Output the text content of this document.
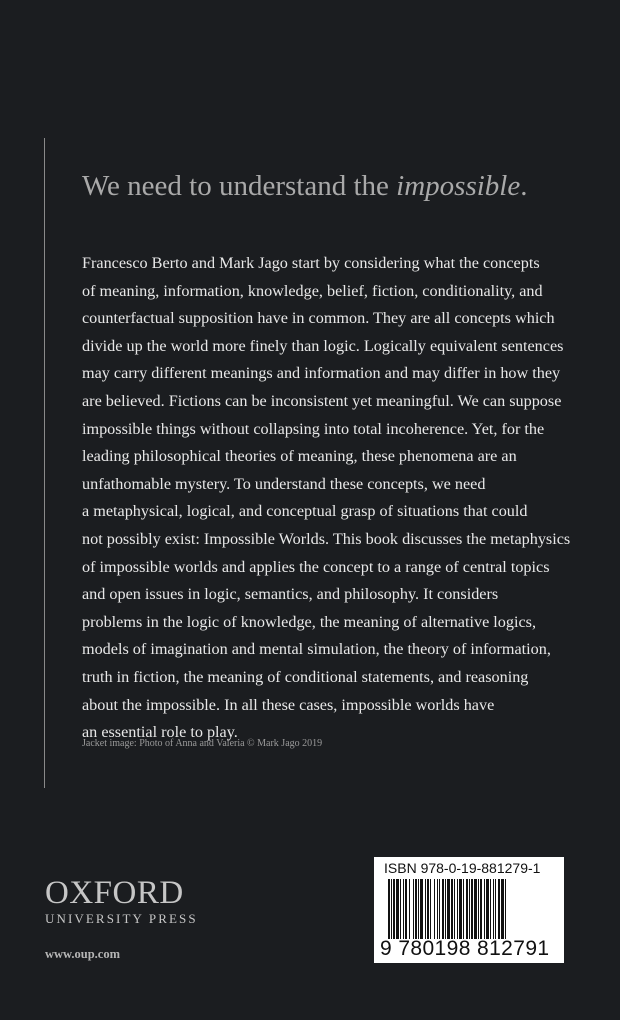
We need to understand the impossible.
Francesco Berto and Mark Jago start by considering what the concepts
of meaning, information, knowledge, belief, fiction, conditionality, and
counterfactual supposition have in common. They are all concepts which
divide up the world more finely than logic. Logically equivalent sentences
may carry different meanings and information and may differ in how they
are believed. Fictions can be inconsistent yet meaningful. We can suppose
impossible things without collapsing into total incoherence. Yet, for the
leading philosophical theories of meaning, these phenomena are an
unfathomable mystery. To understand these concepts, we need
a metaphysical, logical, and conceptual grasp of situations that could
not possibly exist: Impossible Worlds. This book discusses the metaphysics
of impossible worlds and applies the concept to a range of central topics
and open issues in logic, semantics, and philosophy. It considers
problems in the logic of knowledge, the meaning of alternative logics,
models of imagination and mental simulation, the theory of information,
truth in fiction, the meaning of conditional statements, and reasoning
about the impossible. In all these cases, impossible worlds have
an essential role to play.
Jacket image: Photo of Anna and Valeria © Mark Jago 2019
OXFORD
UNIVERSITY PRESS
www.oup.com
ISBN 978-0-19-881279-1
9 780198 812791
